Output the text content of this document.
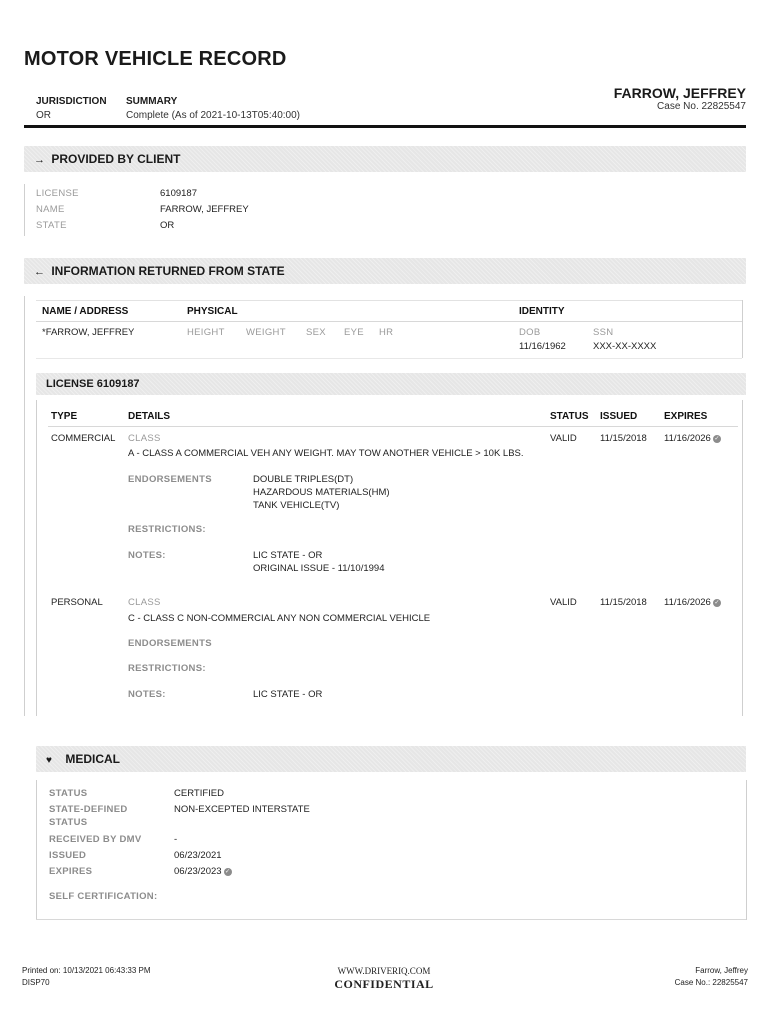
MOTOR VEHICLE RECORD
JURISDICTION
OR
SUMMARY
Complete (As of 2021-10-13T05:40:00)
FARROW, JEFFREY
Case No. 22825547
→ PROVIDED BY CLIENT
LICENSE	6109187
NAME	FARROW, JEFFREY
STATE	OR
← INFORMATION RETURNED FROM STATE
NAME / ADDRESS	PHYSICAL	IDENTITY
*FARROW, JEFFREY	HEIGHT WEIGHT SEX EYE HR	DOB
11/16/1962
SSN
XXX-XX-XXXX
LICENSE 6109187
TYPE	DETAILS	STATUS ISSUED	EXPIRES
COMMERCIAL CLASS
A - CLASS A COMMERCIAL VEH ANY WEIGHT. MAY TOW ANOTHER VEHICLE > 10K LBS.
VALID 11/15/2018 11/16/2026 ✓
ENDORSEMENTS	DOUBLE TRIPLES(DT)
HAZARDOUS MATERIALS(HM)
TANK VEHICLE(TV)
RESTRICTIONS:
NOTES:	LIC STATE - OR
ORIGINAL ISSUE - 11/10/1994
PERSONAL	CLASS
C - CLASS C NON-COMMERCIAL ANY NON COMMERCIAL VEHICLE
VALID 11/15/2018 11/16/2026 ✓
ENDORSEMENTS
RESTRICTIONS:
NOTES:	LIC STATE - OR
♥ MEDICAL
STATUS	CERTIFIED
STATE-DEFINED
STATUS
NON-EXCEPTED INTERSTATE
RECEIVED BY DMV	-
ISSUED	06/23/2021
EXPIRES	06/23/2023 ✓
SELF CERTIFICATION:
Printed on: 10/13/2021 06:43:33 PM
DISP70
WWW.DRIVERIQ.COM
CONFIDENTIAL
Farrow, Jeffrey
Case No.: 22825547
